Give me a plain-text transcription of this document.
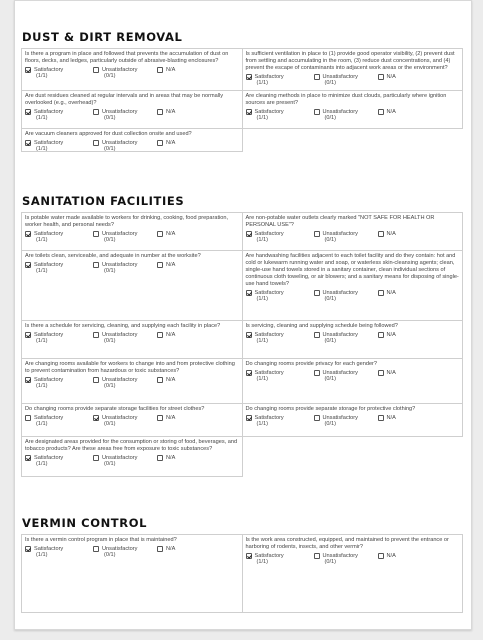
DUST & DIRT REMOVAL
Is there a program in place and followed that prevents the accumulation of dust on floors, decks, and ledges, particularly outside of abrasive-blasting enclosures?
Satisfactory
(1/1)
Unsatisfactory
(0/1)
N/A
Is sufficient ventilation in place to (1) provide good operator visibility, (2) prevent dust from settling and accumulating in the room, (3) reduce dust concentrations, and (4) prevent the escape of contaminants into adjacent work areas or the environment?
Satisfactory
(1/1)
Unsatisfactory
(0/1)
N/A
Are dust residues cleaned at regular intervals and in areas that may be normally overlooked (e.g., overhead)?
Satisfactory
(1/1)
Unsatisfactory
(0/1)
N/A
Are cleaning methods in place to minimize dust clouds, particularly where ignition sources are present?
Satisfactory
(1/1)
Unsatisfactory
(0/1)
N/A
Are vacuum cleaners approved for dust collection onsite and used?
Satisfactory
(1/1)
Unsatisfactory
(0/1)
N/A
SANITATION FACILITIES
Is potable water made available to workers for drinking, cooking, food preparation, worker health, and personal needs?
Satisfactory
(1/1)
Unsatisfactory
(0/1)
N/A
Are non-potable water outlets clearly marked "NOT SAFE FOR HEALTH OR PERSONAL USE"?
Satisfactory
(1/1)
Unsatisfactory
(0/1)
N/A
Are toilets clean, serviceable, and adequate in number at the worksite?
Satisfactory
(1/1)
Unsatisfactory
(0/1)
N/A
Are handwashing facilities adjacent to each toilet facility and do they contain: hot and cold or lukewarm running water and soap, or waterless skin-cleansing agents; clean, single-use hand towels stored in a sanitary container, clean individual sections of continuous cloth toweling, or air blowers; and a sanitary means for disposing of single-use hand towels?
Satisfactory
(1/1)
Unsatisfactory
(0/1)
N/A
Is there a schedule for servicing, cleaning, and supplying each facility in place?
Satisfactory
(1/1)
Unsatisfactory
(0/1)
N/A
Is servicing, cleaning and supplying schedule being followed?
Satisfactory
(1/1)
Unsatisfactory
(0/1)
N/A
Are changing rooms available for workers to change into and from protective clothing to prevent contamination from hazardous or toxic substances?
Satisfactory
(1/1)
Unsatisfactory
(0/1)
N/A
Do changing rooms provide privacy for each gender?
Satisfactory
(1/1)
Unsatisfactory
(0/1)
N/A
Do changing rooms provide separate storage facilities for street clothes?
Satisfactory
(1/1)
Unsatisfactory
(0/1)
N/A
Do changing rooms provide separate storage for protective clothing?
Satisfactory
(1/1)
Unsatisfactory
(0/1)
N/A
Are designated areas provided for the consumption or storing of food, beverages, and tobacco products? Are these areas free from exposure to toxic substances?
Satisfactory
(1/1)
Unsatisfactory
(0/1)
N/A
VERMIN CONTROL
Is there a vermin control program in place that is maintained?
Satisfactory
(1/1)
Unsatisfactory
(0/1)
N/A
Is the work area constructed, equipped, and maintained to prevent the entrance or harboring of rodents, insects, and other vermir?
Satisfactory
(1/1)
Unsatisfactory
(0/1)
N/A
